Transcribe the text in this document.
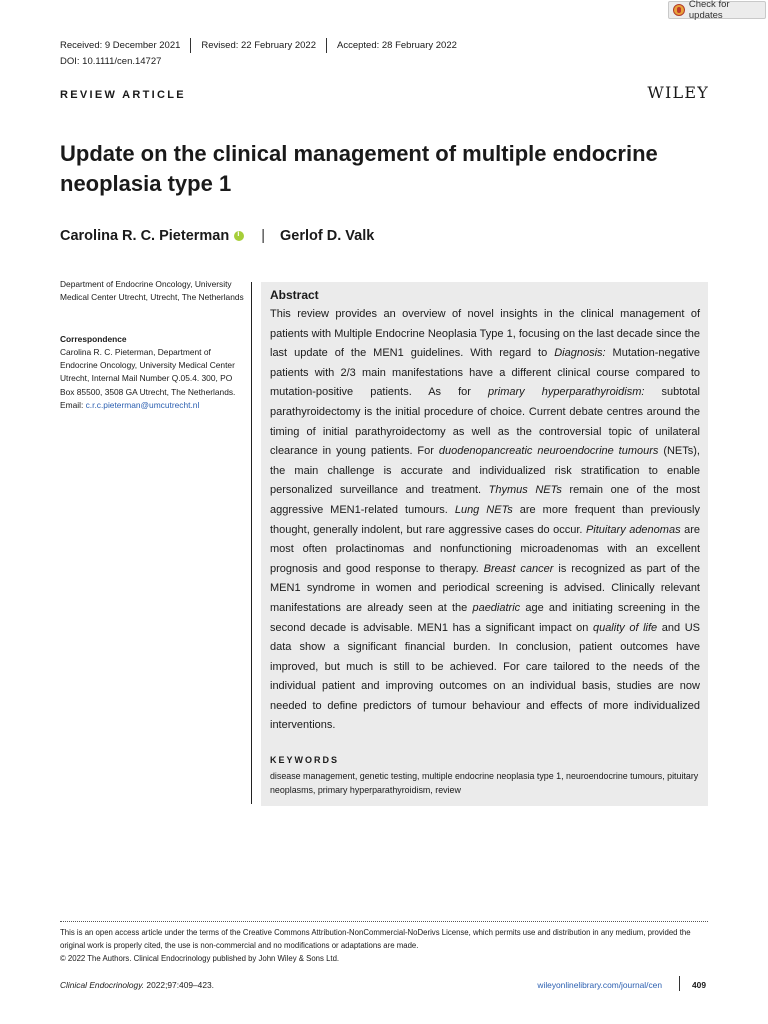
Check for updates
Received: 9 December 2021 Revised: 22 February 2022 Accepted: 28 February 2022
DOI: 10.1111/cen.14727
REVIEW ARTICLE	WILEY
Update on the clinical management of multiple endocrine neoplasia type 1
Carolina R. C. Pieterman
i | Gerlof D. Valk
Department of Endocrine Oncology, University Medical Center Utrecht, Utrecht, The Netherlands
Correspondence
Carolina R. C. Pieterman, Department of Endocrine Oncology, University Medical Center Utrecht, Internal Mail Number Q.05.4. 300, PO Box 85500, 3508 GA Utrecht, The Netherlands.
Email: c.r.c.pieterman@umcutrecht.nl
Abstract
This review provides an overview of novel insights in the clinical management of patients with Multiple Endocrine Neoplasia Type 1, focusing on the last decade since the last update of the MEN1 guidelines. With regard to Diagnosis: Mutation-negative patients with 2/3 main manifestations have a different clinical course compared to mutation-positive patients. As for primary hyperparathyroidism: subtotal parathyroidectomy is the initial procedure of choice. Current debate centres around the timing of initial parathyroidectomy as well as the controversial topic of unilateral clearance in young patients. For duodenopancreatic neuroendocrine tumours (NETs), the main challenge is accurate and individualized risk stratification to enable personalized surveillance and treatment. Thymus NETs remain one of the most aggressive MEN1-related tumours. Lung NETs are more frequent than previously thought, generally indolent, but rare aggressive cases do occur. Pituitary adenomas are most often prolactinomas and nonfunctioning microadenomas with an excellent prognosis and good response to therapy. Breast cancer is recognized as part of the MEN1 syndrome in women and periodical screening is advised. Clinically relevant manifestations are already seen at the paediatric age and initiating screening in the second decade is advisable. MEN1 has a significant impact on quality of life and US data show a significant financial burden. In conclusion, patient outcomes have improved, but much is still to be achieved. For care tailored to the needs of the individual patient and improving outcomes on an individual basis, studies are now needed to define predictors of tumour behaviour and effects of more individualized interventions.
KEYWORDS
disease management, genetic testing, multiple endocrine neoplasia type 1, neuroendocrine tumours, pituitary neoplasms, primary hyperparathyroidism, review
This is an open access article under the terms of the Creative Commons Attribution-NonCommercial-NoDerivs License, which permits use and distribution in any medium, provided the original work is properly cited, the use is non-commercial and no modifications or adaptations are made.
© 2022 The Authors. Clinical Endocrinology published by John Wiley & Sons Ltd.
Clinical Endocrinology. 2022;97:409–423.	wileyonlinelibrary.com/journal/cen	409
